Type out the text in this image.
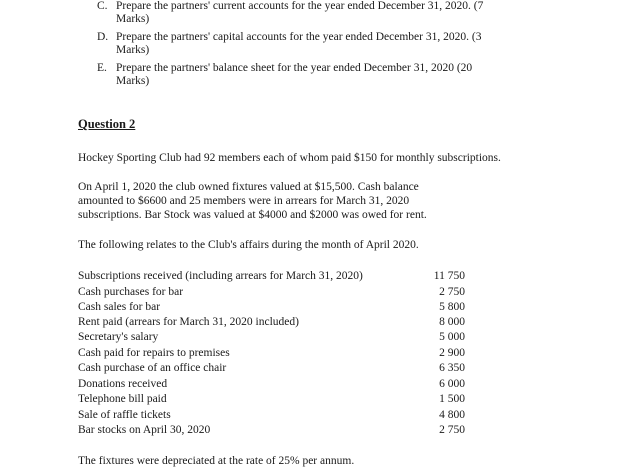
C. Prepare the partners' current accounts for the year ended December 31, 2020. (7
Marks)
D. Prepare the partners' capital accounts for the year ended December 31, 2020. (3
Marks)
E. Prepare the partners' balance sheet for the year ended December 31, 2020 (20
Marks)
Question 2
Hockey Sporting Club had 92 members each of whom paid $150 for monthly subscriptions.
On April 1, 2020 the club owned fixtures valued at $15,500. Cash balance
amounted to $6600 and 25 members were in arrears for March 31, 2020
subscriptions. Bar Stock was valued at $4000 and $2000 was owed for rent.
The following relates to the Club's affairs during the month of April 2020.
Subscriptions received (including arrears for March 31, 2020)	11 750
Cash purchases for bar	2 750
Cash sales for bar	5 800
Rent paid (arrears for March 31, 2020 included)	8 000
Secretary's salary	5 000
Cash paid for repairs to premises	2 900
Cash purchase of an office chair	6 350
Donations received	6 000
Telephone bill paid	1 500
Sale of raffle tickets	4 800
Bar stocks on April 30, 2020	2 750
The fixtures were depreciated at the rate of 25% per annum.
